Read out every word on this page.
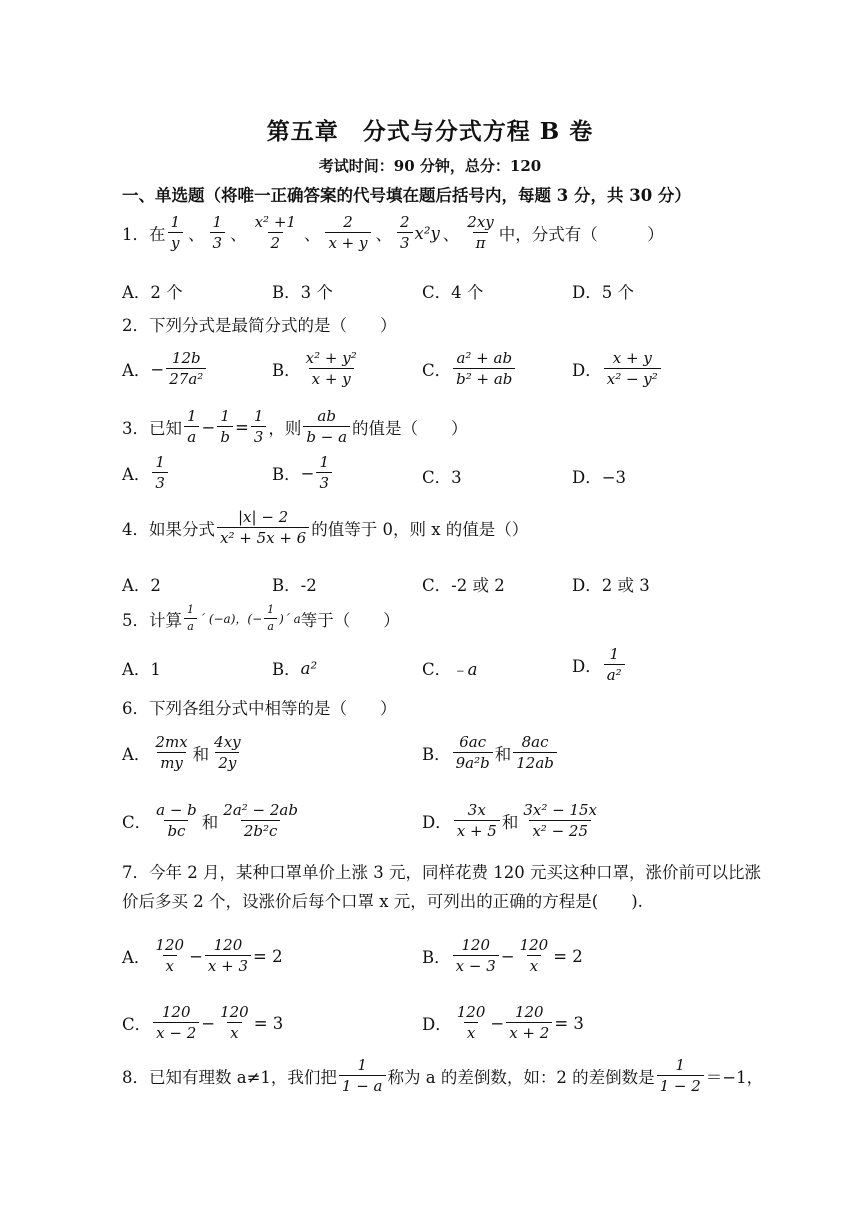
第五章　分式与分式方程 B 卷
考试时间：90 分钟，总分：120
一、单选题（将唯一正确答案的代号填在题后括号内，每题 3 分，共 30 分）
1．在 $\frac{1}{y}$ 、 $\frac{1}{3}$ 、 $\frac{\text{x² +1}}{2}$ 、 $\frac{2}{x + y}$ 、 $\frac{2}{3} x^2y$ 、 $\frac{2xy}{\pi}$ 中，分式有（　　　）
A．2 个	B．3 个	C．4 个	D．5 个
2．下列分式是最简分式的是（　　）
A． − $\frac{12b}{\text{27a²}}$	B． $\frac{\text{x² + y²}}{x + y}$	C． $\frac{\text{a² + ab}}{\text{b² + ab}}$	D． $\frac{x + y}{\text{x² − y²}}$
3．已知 $\frac{1}{a} - \frac{1}{b} = \frac{1}{3}$ ，则 $\frac{ab}{b - a}$ 的值是（　　）
A． $\frac{1}{3}$	B． − $\frac{1}{3}$	C．3	D．−3
4．如果分式 $\frac{|x| - 2}{\text{x² + 5x + 6}}$ 的值等于 0，则 x 的值是（）
A．2	B．-2	C．-2 或 2	D．2 或 3
5．计算 $\frac{1}{a}$ ´ (−a)，(− $\frac{1}{a}$ )´ a 等于（　　）
A．1	B． a²	C． ﹣a	D． $\frac{1}{\text{a²}}$
6．下列各组分式中相等的是（　　）
A． $\frac{2mx}{my}$ 和 $\frac{4xy}{2y}$	B． $\frac{6ac}{\text{9a²b}}$ 和 $\frac{8ac}{12ab}$
C． $\frac{a - b}{bc}$ 和 $\frac{\text{2a² − 2ab}}{\text{2b²c}}$	D． $\frac{3x}{x + 5}$ 和 $\frac{\text{3x² − 15x}}{\text{x² − 25}}$
7．今年 2 月，某种口罩单价上涨 3 元，同样花费 120 元买这种口罩，涨价前可以比涨价后多买 2 个，设涨价后每个口罩 x 元，可列出的正确的方程是(　　).
A． $\frac{120}{x} - \frac{120}{x + 3} = 2$	B． $\frac{120}{x - 3} - \frac{120}{x} = 2$
C． $\frac{120}{x - 2} - \frac{120}{x} = 3$	D． $\frac{120}{x} - \frac{120}{x + 2} = 3$
8．已知有理数 a≠1，我们把 $\frac{1}{1 - a}$ 称为 a 的差倒数，如：2 的差倒数是 $\frac{1}{1 - 2} =-1$，
